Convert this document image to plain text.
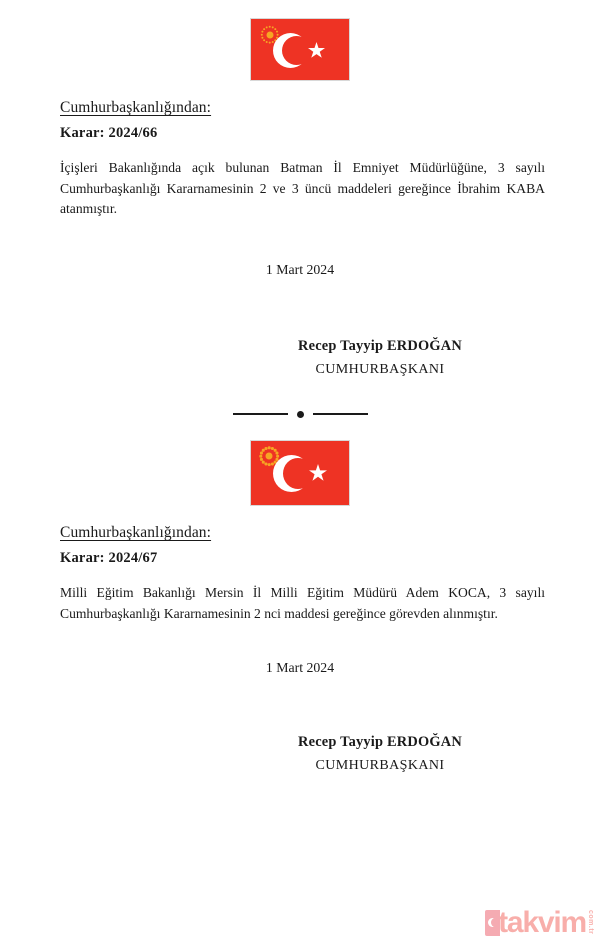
Cumhurbaşkanlığından:
Karar: 2024/66
İçişleri Bakanlığında açık bulunan Batman İl Emniyet Müdürlüğüne, 3 sayılı Cumhurbaşkanlığı Kararnamesinin 2 ve 3 üncü maddeleri gereğince İbrahim KABA atanmıştır.
1 Mart 2024
Recep Tayyip ERDOĞAN
CUMHURBAŞKANI
Cumhurbaşkanlığından:
Karar: 2024/67
Milli Eğitim Bakanlığı Mersin İl Milli Eğitim Müdürü Adem KOCA, 3 sayılı Cumhurbaşkanlığı Kararnamesinin 2 nci maddesi gereğince görevden alınmıştır.
1 Mart 2024
Recep Tayyip ERDOĞAN
CUMHURBAŞKANI
takvim com.tr
